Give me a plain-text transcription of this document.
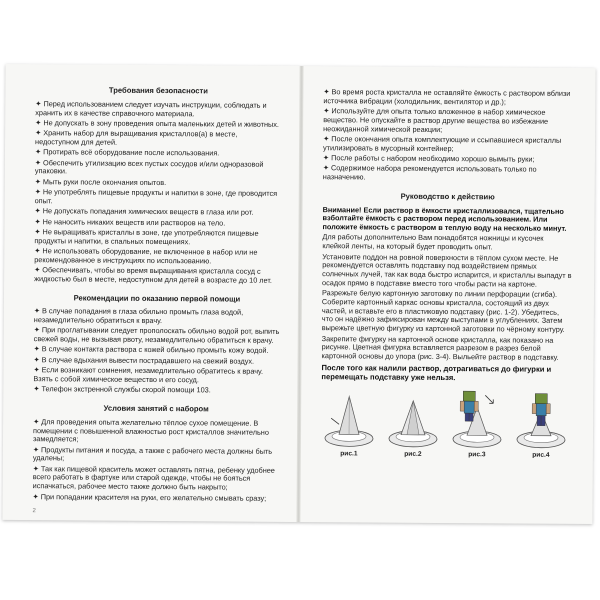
Требования безопасности

✦ Перед использованием следует изучать инструкции, соблюдать и хранить их в качестве справочного материала.

✦ Не допускать в зону проведения опыта маленьких детей и животных.

✦ Хранить набор для выращивания кристаллов(а) в месте, недоступном для детей.

✦ Протирать всё оборудование после использования.

✦ Обеспечить утилизацию всех пустых сосудов и/или одноразовой упаковки.

✦ Мыть руки после окончания опытов.

✦ Не употреблять пищевые продукты и напитки в зоне, где проводится опыт.

✦ Не допускать попадания химических веществ в глаза или рот.

✦ Не наносить никаких веществ или растворов на тело.

✦ Не выращивать кристаллы в зоне, где употребляются пищевые продукты и напитки, в спальных помещениях.

✦ Не использовать оборудование, не включенное в набор или не рекомендованное в инструкциях по использованию.

✦ Обеспечивать, чтобы во время выращивания кристалла сосуд с жидкостью был в месте, недоступном для детей в возрасте до 10 лет.

Рекомендации по оказанию первой помощи

✦ В случае попадания в глаза обильно промыть глаза водой, незамедлительно обратиться к врачу.

✦ При проглатывании следует прополоскать обильно водой рот, выпить свежей воды, не вызывая рвоту, незамедлительно обратиться к врачу.

✦ В случае контакта раствора с кожей обильно промыть кожу водой.

✦ В случае вдыхания вывести пострадавшего на свежий воздух.

✦ Если возникают сомнения, незамедлительно обратитесь к врачу. Взять с собой химическое вещество и его сосуд.

✦ Телефон экстренной службы скорой помощи 103.

Условия занятий с набором

✦ Для проведения опыта желательно тёплое сухое помещение. В помещении с повышенной влажностью рост кристаллов значительно замедляется;

✦ Продукты питания и посуда, а также с рабочего места должны быть удалены;

✦ Так как пищевой краситель может оставлять пятна, ребенку удобнее всего работать в фартуке или старой одежде, чтобы не бояться испачкаться, рабочее место также должно быть накрыто;

✦ При попадании красителя на руки, его желательно смывать сразу;

2

✦ Во время роста кристалла не оставляйте ёмкость с раствором вблизи источника вибрации (холодильник, вентилятор и др.);

✦ Используйте для опыта только вложенное в набор химическое вещество. Не опускайте в раствор другие вещества во избежание неожиданной химической реакции;

✦ После окончания опыта комплектующие и ссыпавшиеся кристаллы утилизировать в мусорный контейнер;

✦ После работы с набором необходимо хорошо вымыть руки;

✦ Содержимое набора рекомендуется использовать только по назначению.

Руководство к действию

Внимание! Если раствор в ёмкости кристаллизовался, тщательно взболтайте ёмкость с раствором перед использованием. Или положите ёмкость с раствором в теплую воду на несколько минут.

Для работы дополнительно Вам понадобятся ножницы и кусочек клейкой ленты, на который будет проводить опыт.

Установите поддон на ровной поверхности в тёплом сухом месте. Не рекомендуется оставлять подставку под воздействием прямых солнечных лучей, так как вода быстро испарится, и кристаллы выпадут в осадок прямо в подставке вместо того чтобы расти на картоне.

Разрежьте белую картонную заготовку по линии перфорации (сгиба). Соберите картонный каркас основы кристалла, состоящий из двух частей, и вставьте его в пластиковую подставку (рис. 1-2). Убедитесь, что он надёжно зафиксирован между выступами в углублениях. Затем вырежьте цветную фигурку из картонной заготовки по чёрному контуру.

Закрепите фигурку на картонной основе кристалла, как показано на рисунке. Цветная фигурка вставляется разрезом в разрез белой картонной основы до упора (рис. 3-4). Выльейте раствор в подставку.

После того как налили раствор, дотрагиваться до фигурки и перемещать подставку уже нельзя.

рис.1	рис.2	рис.3	рис.4
